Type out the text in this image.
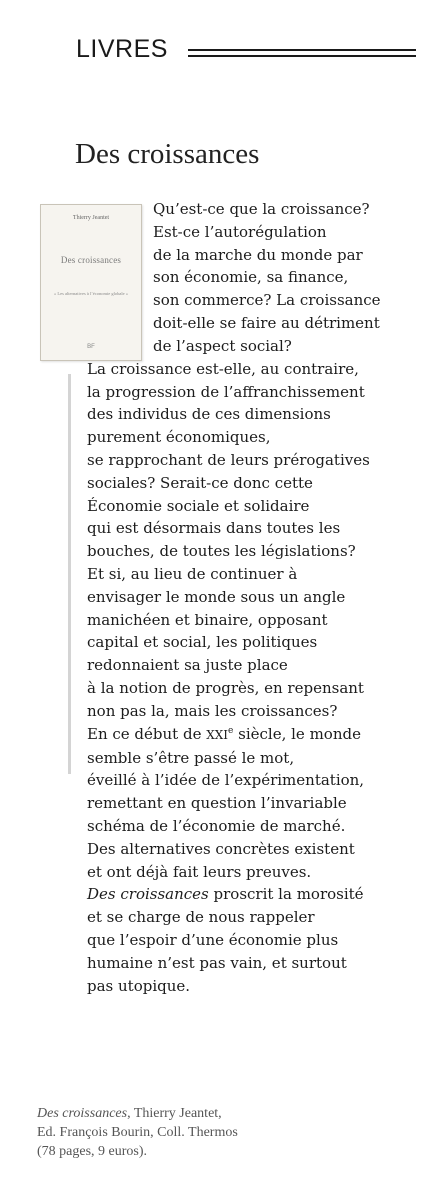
LIVRES
Des croissances
Thierry Jeantet
Des croissances
« Les alternatives à l’économie globale »
BF
Qu’est-ce que la croissance?
Est-ce l’autorégulation
de la marche du monde par
son économie, sa finance,
son commerce? La croissance
doit-elle se faire au détriment
de l’aspect social?
La croissance est-elle, au contraire,
la progression de l’affranchissement
des individus de ces dimensions
purement économiques,
se rapprochant de leurs prérogatives
sociales? Serait-ce donc cette
Économie sociale et solidaire
qui est désormais dans toutes les
bouches, de toutes les législations?
Et si, au lieu de continuer à
envisager le monde sous un angle
manichéen et binaire, opposant
capital et social, les politiques
redonnaient sa juste place
à la notion de progrès, en repensant
non pas la, mais les croissances?
En ce début de XXIe siècle, le monde
semble s’être passé le mot,
éveillé à l’idée de l’expérimentation,
remettant en question l’invariable
schéma de l’économie de marché.
Des alternatives concrètes existent
et ont déjà fait leurs preuves.
Des croissances proscrit la morosité
et se charge de nous rappeler
que l’espoir d’une économie plus
humaine n’est pas vain, et surtout
pas utopique.
Des croissances, Thierry Jeantet,
Ed. François Bourin, Coll. Thermos
(78 pages, 9 euros).
